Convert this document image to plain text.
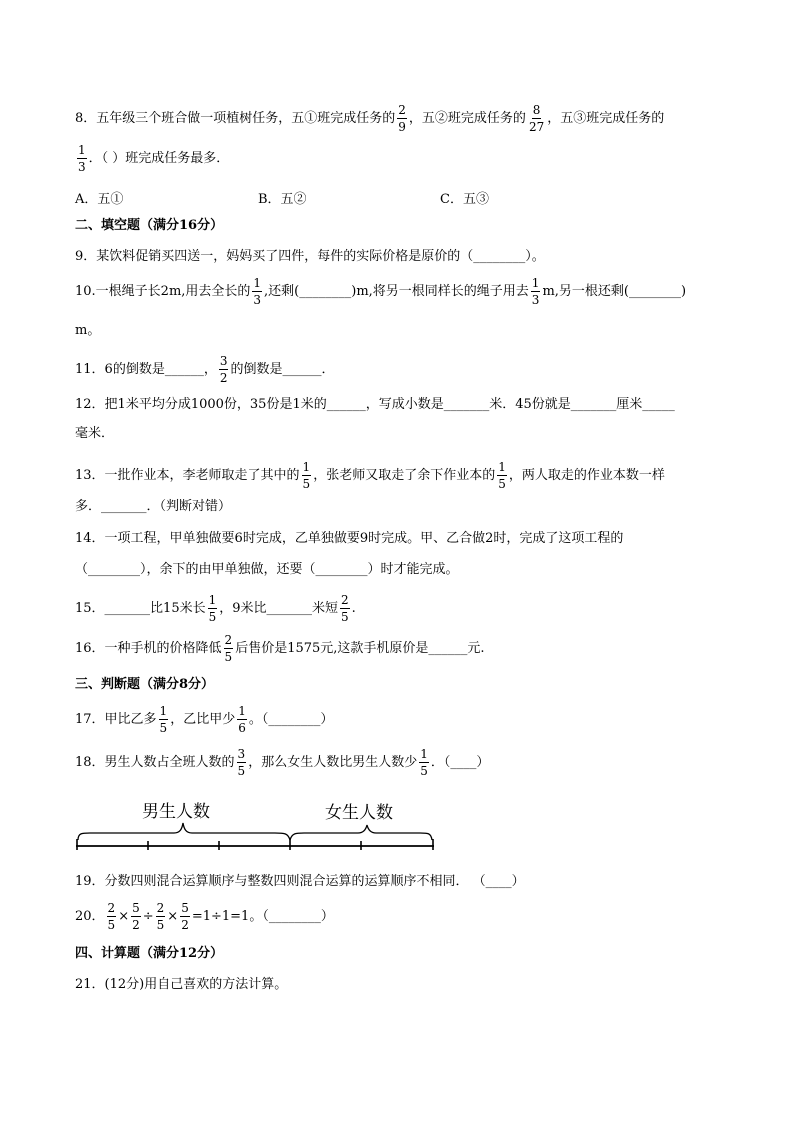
8．五年级三个班合做一项植树任务，五①班完成任务的 $\frac{2}{9}$ ，五②班完成任务的 $\frac{8}{27}$ ，五③班完成任务的
$\frac{1}{3}$ ．（ ）班完成任务最多．
A．五①	B．五②	C．五③
二、填空题（满分16分）
9．某饮料促销买四送一，妈妈买了四件，每件的实际价格是原价的（________）。
10.一根绳子长2m,用去全长的 $\frac{1}{3}$ ,还剩(________)m,将另一根同样长的绳子用去 $\frac{1}{3} m$,另一根还剩(________)
m。
11．6的倒数是______， $\frac{3}{2}$ 的倒数是______．
12．把1米平均分成1000份，35份是1米的______，写成小数是_______米．45份就是_______厘米_____
毫米．
13．一批作业本，李老师取走了其中的 $\frac{1}{5}$ ，张老师又取走了余下作业本的 $\frac{1}{5}$ ，两人取走的作业本数一样
多．_______．（判断对错）
14．一项工程，甲单独做要6时完成，乙单独做要9时完成。甲、乙合做2时，完成了这项工程的
（________），余下的由甲单独做，还要（________）时才能完成。
15．_______比15米长 $\frac{1}{5}$ ，9米比_______米短 $\frac{2}{5}$ .
16．一种手机的价格降低 $\frac{2}{5}$ 后售价是1575元,这款手机原价是______元.
三、判断题（满分8分）
17．甲比乙多 $\frac{1}{5}$ ，乙比甲少 $\frac{1}{6}$ 。（________）
18．男生人数占全班人数的 $\frac{3}{5}$ ，那么女生人数比男生人数少 $\frac{1}{5}$ ．（____）
男生人数	女生人数
19．分数四则混合运算顺序与整数四则混合运算的运算顺序不相同． （____）
20． $\frac{2}{5} \times \frac{5}{2} \div \frac{2}{5} \times \frac{5}{2} =1\div 1=1$。（________）
四、计算题（满分12分）
21．(12分)用自己喜欢的方法计算。
